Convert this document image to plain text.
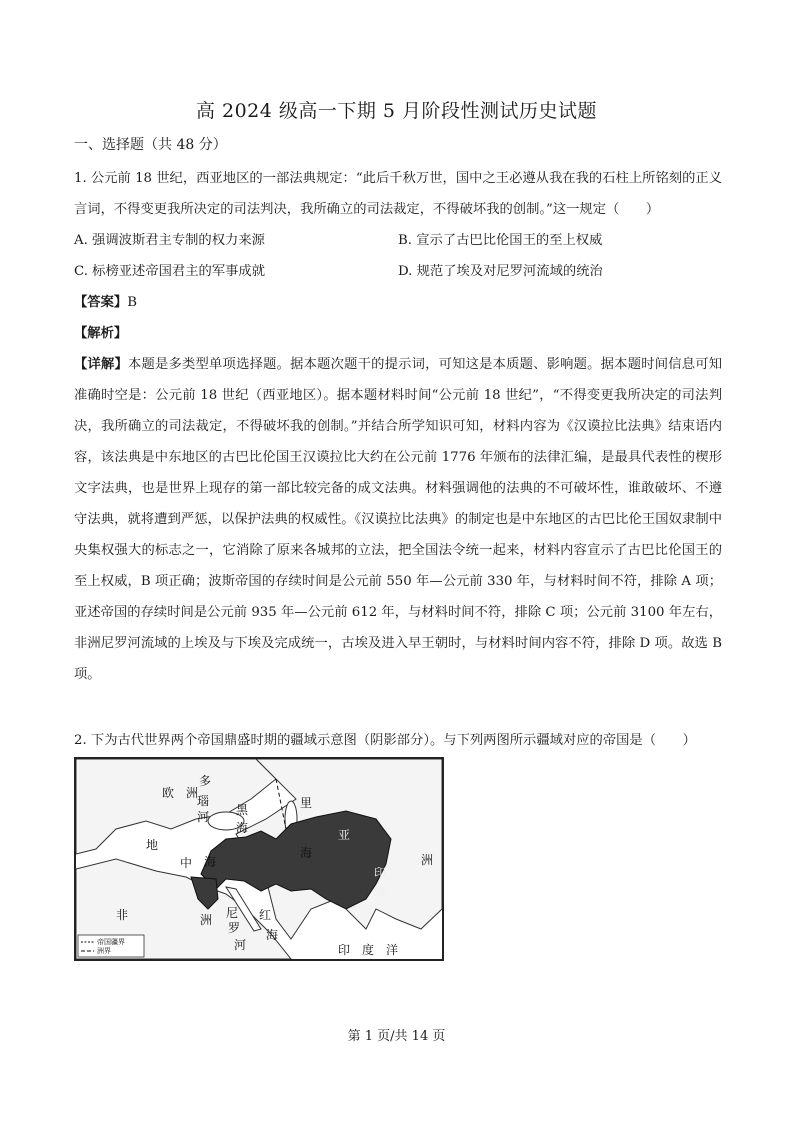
高 2024 级高一下期 5 月阶段性测试历史试题
一、选择题（共 48 分）
1. 公元前 18 世纪，西亚地区的一部法典规定：“此后千秋万世，国中之王必遵从我在我的石柱上所铭刻的正义言词，不得变更我所决定的司法判决，我所确立的司法裁定，不得破坏我的创制。”这一规定（　　）
A. 强调波斯君主专制的权力来源	B. 宣示了古巴比伦国王的至上权威
C. 标榜亚述帝国君主的军事成就	D. 规范了埃及对尼罗河流域的统治
【答案】B
【解析】
【详解】本题是多类型单项选择题。据本题次题干的提示词，可知这是本质题、影响题。据本题时间信息可知准确时空是：公元前 18 世纪（西亚地区）。据本题材料时间“公元前 18 世纪”，“不得变更我所决定的司法判决，我所确立的司法裁定，不得破坏我的创制。”并结合所学知识可知，材料内容为《汉谟拉比法典》结束语内容，该法典是中东地区的古巴比伦国王汉谟拉比大约在公元前 1776 年颁布的法律汇编，是最具代表性的楔形文字法典，也是世界上现存的第一部比较完备的成文法典。材料强调他的法典的不可破坏性，谁敢破坏、不遵守法典，就将遭到严惩，以保护法典的权威性。《汉谟拉比法典》的制定也是中东地区的古巴比伦王国奴隶制中央集权强大的标志之一，它消除了原来各城邦的立法，把全国法令统一起来，材料内容宣示了古巴比伦国王的至上权威，B 项正确；波斯帝国的存续时间是公元前 550 年—公元前 330 年，与材料时间不符，排除 A 项；亚述帝国的存续时间是公元前 935 年—公元前 612 年，与材料时间不符，排除 C 项；公元前 3100 年左右，非洲尼罗河流域的上埃及与下埃及完成统一，古埃及进入早王朝时，与材料时间内容不符，排除 D 项。故选 B 项。
2. 下为古代世界两个帝国鼎盛时期的疆域示意图（阴影部分）。与下列两图所示疆域对应的帝国是（　　）
欧　洲
多
瑙
河 黑
海
里
海
地
中 海
亚
洲
印
度
非	洲 尼
罗
河
红
海
印　度　洋
帝国疆界
洲界
第 1 页/共 14 页
